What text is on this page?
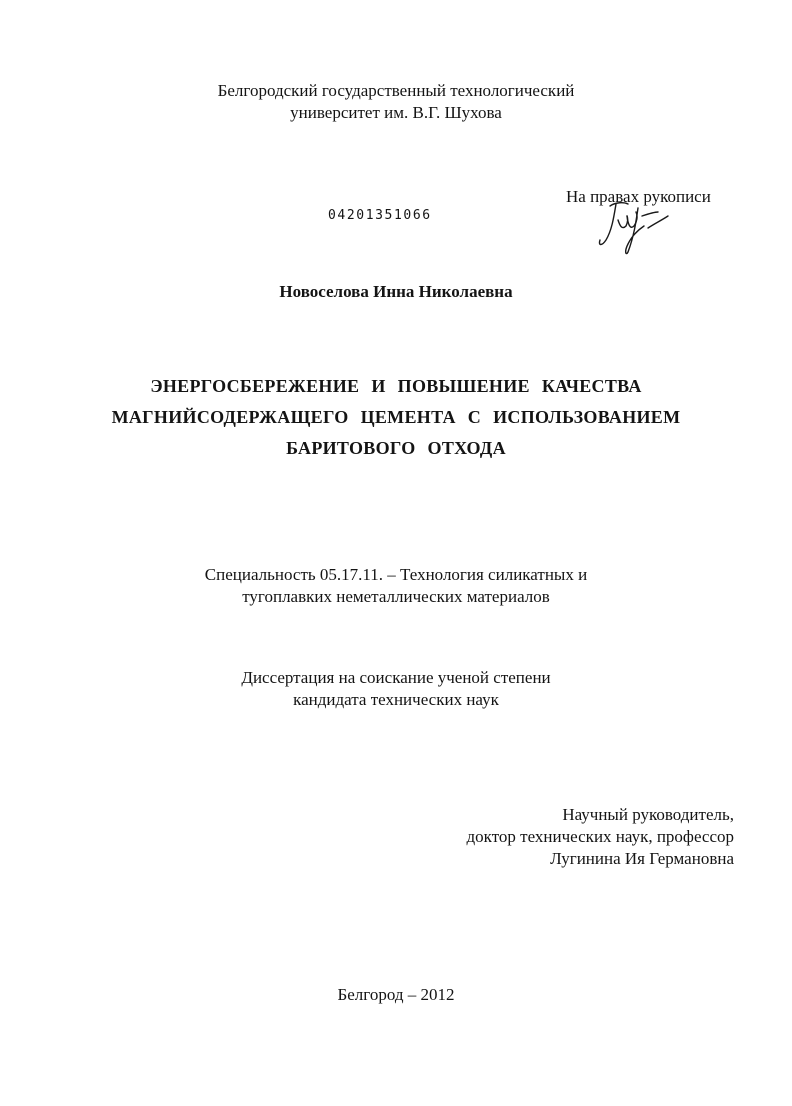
Белгородский государственный технологический
университет им. В.Г. Шухова
На правах рукописи
04201351066
Новоселова Инна Николаевна
ЭНЕРГОСБЕРЕЖЕНИЕ И ПОВЫШЕНИЕ КАЧЕСТВА
МАГНИЙСОДЕРЖАЩЕГО ЦЕМЕНТА С ИСПОЛЬЗОВАНИЕМ
БАРИТОВОГО ОТХОДА
Специальность 05.17.11. – Технология силикатных и
тугоплавких неметаллических материалов
Диссертация на соискание ученой степени
кандидата технических наук
Научный руководитель,
доктор технических наук, профессор
Лугинина Ия Германовна
Белгород – 2012
